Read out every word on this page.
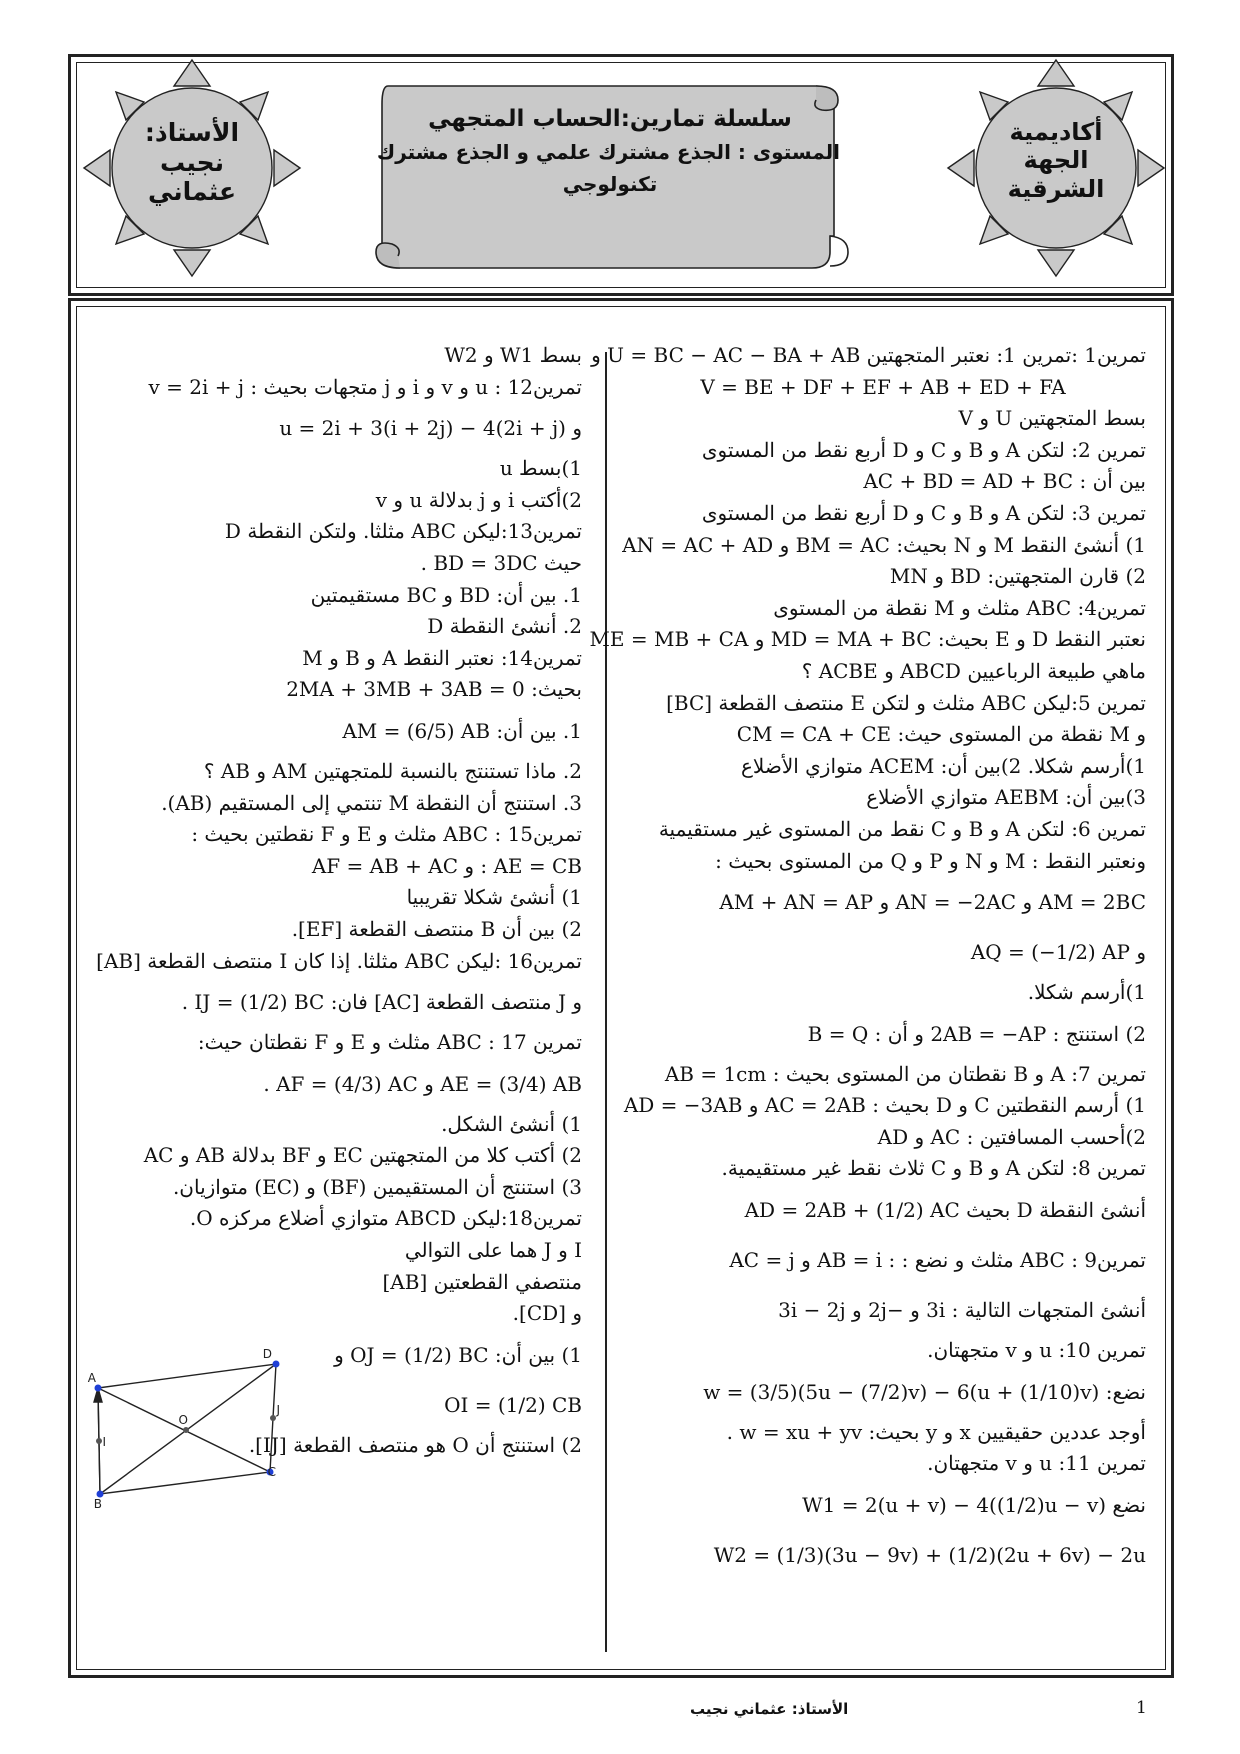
أكاديمية
الجهة
الشرقية
الأستاذ:
نجيب
عثماني
سلسلة تمارين:الحساب المتجهي
المستوى : الجذع مشترك علمي و الجذع مشترك
تكنولوجي
تمرين1 :تمرين 1: نعتبر المتجهتين U = BC − AC − BA + AB و
V = BE + DF + EF + AB + ED + FA
بسط المتجهتين U و V
تمرين 2: لتكن A و B و C و D أربع نقط من المستوى
بين أن : AC + BD = AD + BC
تمرين 3: لتكن A و B و C و D أربع نقط من المستوى
1) أنشئ النقط M و N بحيث: BM = AC و AN = AC + AD
2) قارن المتجهتين: BD و MN
تمرين4: ABC مثلث و M نقطة من المستوى
نعتبر النقط D و E بحيث: MD = MA + BC و ME = MB + CA
ماهي طبيعة الرباعيين ABCD و ACBE ؟
تمرين 5:ليكن ABC مثلث و لتكن E منتصف القطعة [BC]
و M نقطة من المستوى حيث: CM = CA + CE
1)أرسم شكلا. 2)بين أن: ACEM متوازي الأضلاع
3)بين أن: AEBM متوازي الأضلاع
تمرين 6: لتكن A و B و C نقط من المستوى غير مستقيمية
ونعتبر النقط : M و N و P و Q من المستوى بحيث :
AM = 2BC و AN = −2AC و AM + AN = AP
و AQ = (−1/2) AP
1)أرسم شكلا.
2) استنتج : 2AB = −AP و أن : B = Q
تمرين 7: A و B نقطتان من المستوى بحيث : AB = 1cm
1) أرسم النقطتين C و D بحيث : AC = 2AB و AD = −3AB
2)أحسب المسافتين : AC و AD
تمرين 8: لتكن A و B و C ثلاث نقط غير مستقيمية.
أنشئ النقطة D بحيث AD = 2AB + (1/2) AC
تمرين9 : ABC مثلث و نضع : : AB = i و AC = j
أنشئ المتجهات التالية : 3i و −2j و 3i − 2j
تمرين 10: u و v متجهتان.
نضع: w = (3/5)(5u − (7/2)v) − 6(u + (1/10)v)
أوجد عددين حقيقيين x و y بحيث: w = xu + yv .
تمرين 11: u و v متجهتان.
نضع W1 = 2(u + v) − 4((1/2)u − v)
W2 = (1/3)(3u − 9v) + (1/2)(2u + 6v) − 2u
بسط W1 و W2
تمرين12 : u و v و i و j متجهات بحيث : v = 2i + j
و u = 2i + 3(i + 2j) − 4(2i + j)
1)بسط u
2)أكتب i و j بدلالة u و v
تمرين13:ليكن ABC مثلثا. ولتكن النقطة D
حيث BD = 3DC .
1. بين أن: BD و BC مستقيمتين
2. أنشئ النقطة D
تمرين14: نعتبر النقط A و B و M
بحيث: 2MA + 3MB + 3AB = 0
1. بين أن: AM = (6/5) AB
2. ماذا تستنتج بالنسبة للمتجهتين AM و AB ؟
3. استنتج أن النقطة M تنتمي إلى المستقيم (AB).
تمرين15 : ABC مثلث و E و F نقطتين بحيث :
AE = CB : و AF = AB + AC
1) أنشئ شكلا تقريبيا
2) بين أن B منتصف القطعة [EF].
تمرين16 :ليكن ABC مثلثا. إذا كان I منتصف القطعة [AB]
و J منتصف القطعة [AC] فان: IJ = (1/2) BC .
تمرين 17 : ABC مثلث و E و F نقطتان حيث:
AE = (3/4) AB و AF = (4/3) AC .
1) أنشئ الشكل.
2) أكتب كلا من المتجهتين EC و BF بدلالة AB و AC
3) استنتج أن المستقيمين (BF) و (EC) متوازيان.
تمرين18:ليكن ABCD متوازي أضلاع مركزه O.
I و J هما على التوالي
منتصفي القطعتين [AB]
و [CD].
1) بين أن: OJ = (1/2) BC و
OI = (1/2) CB
2) استنتج أن O هو منتصف القطعة [IJ].
A
B
C
D
O
I
J
الأستاذ: عثماني نجيب	1
